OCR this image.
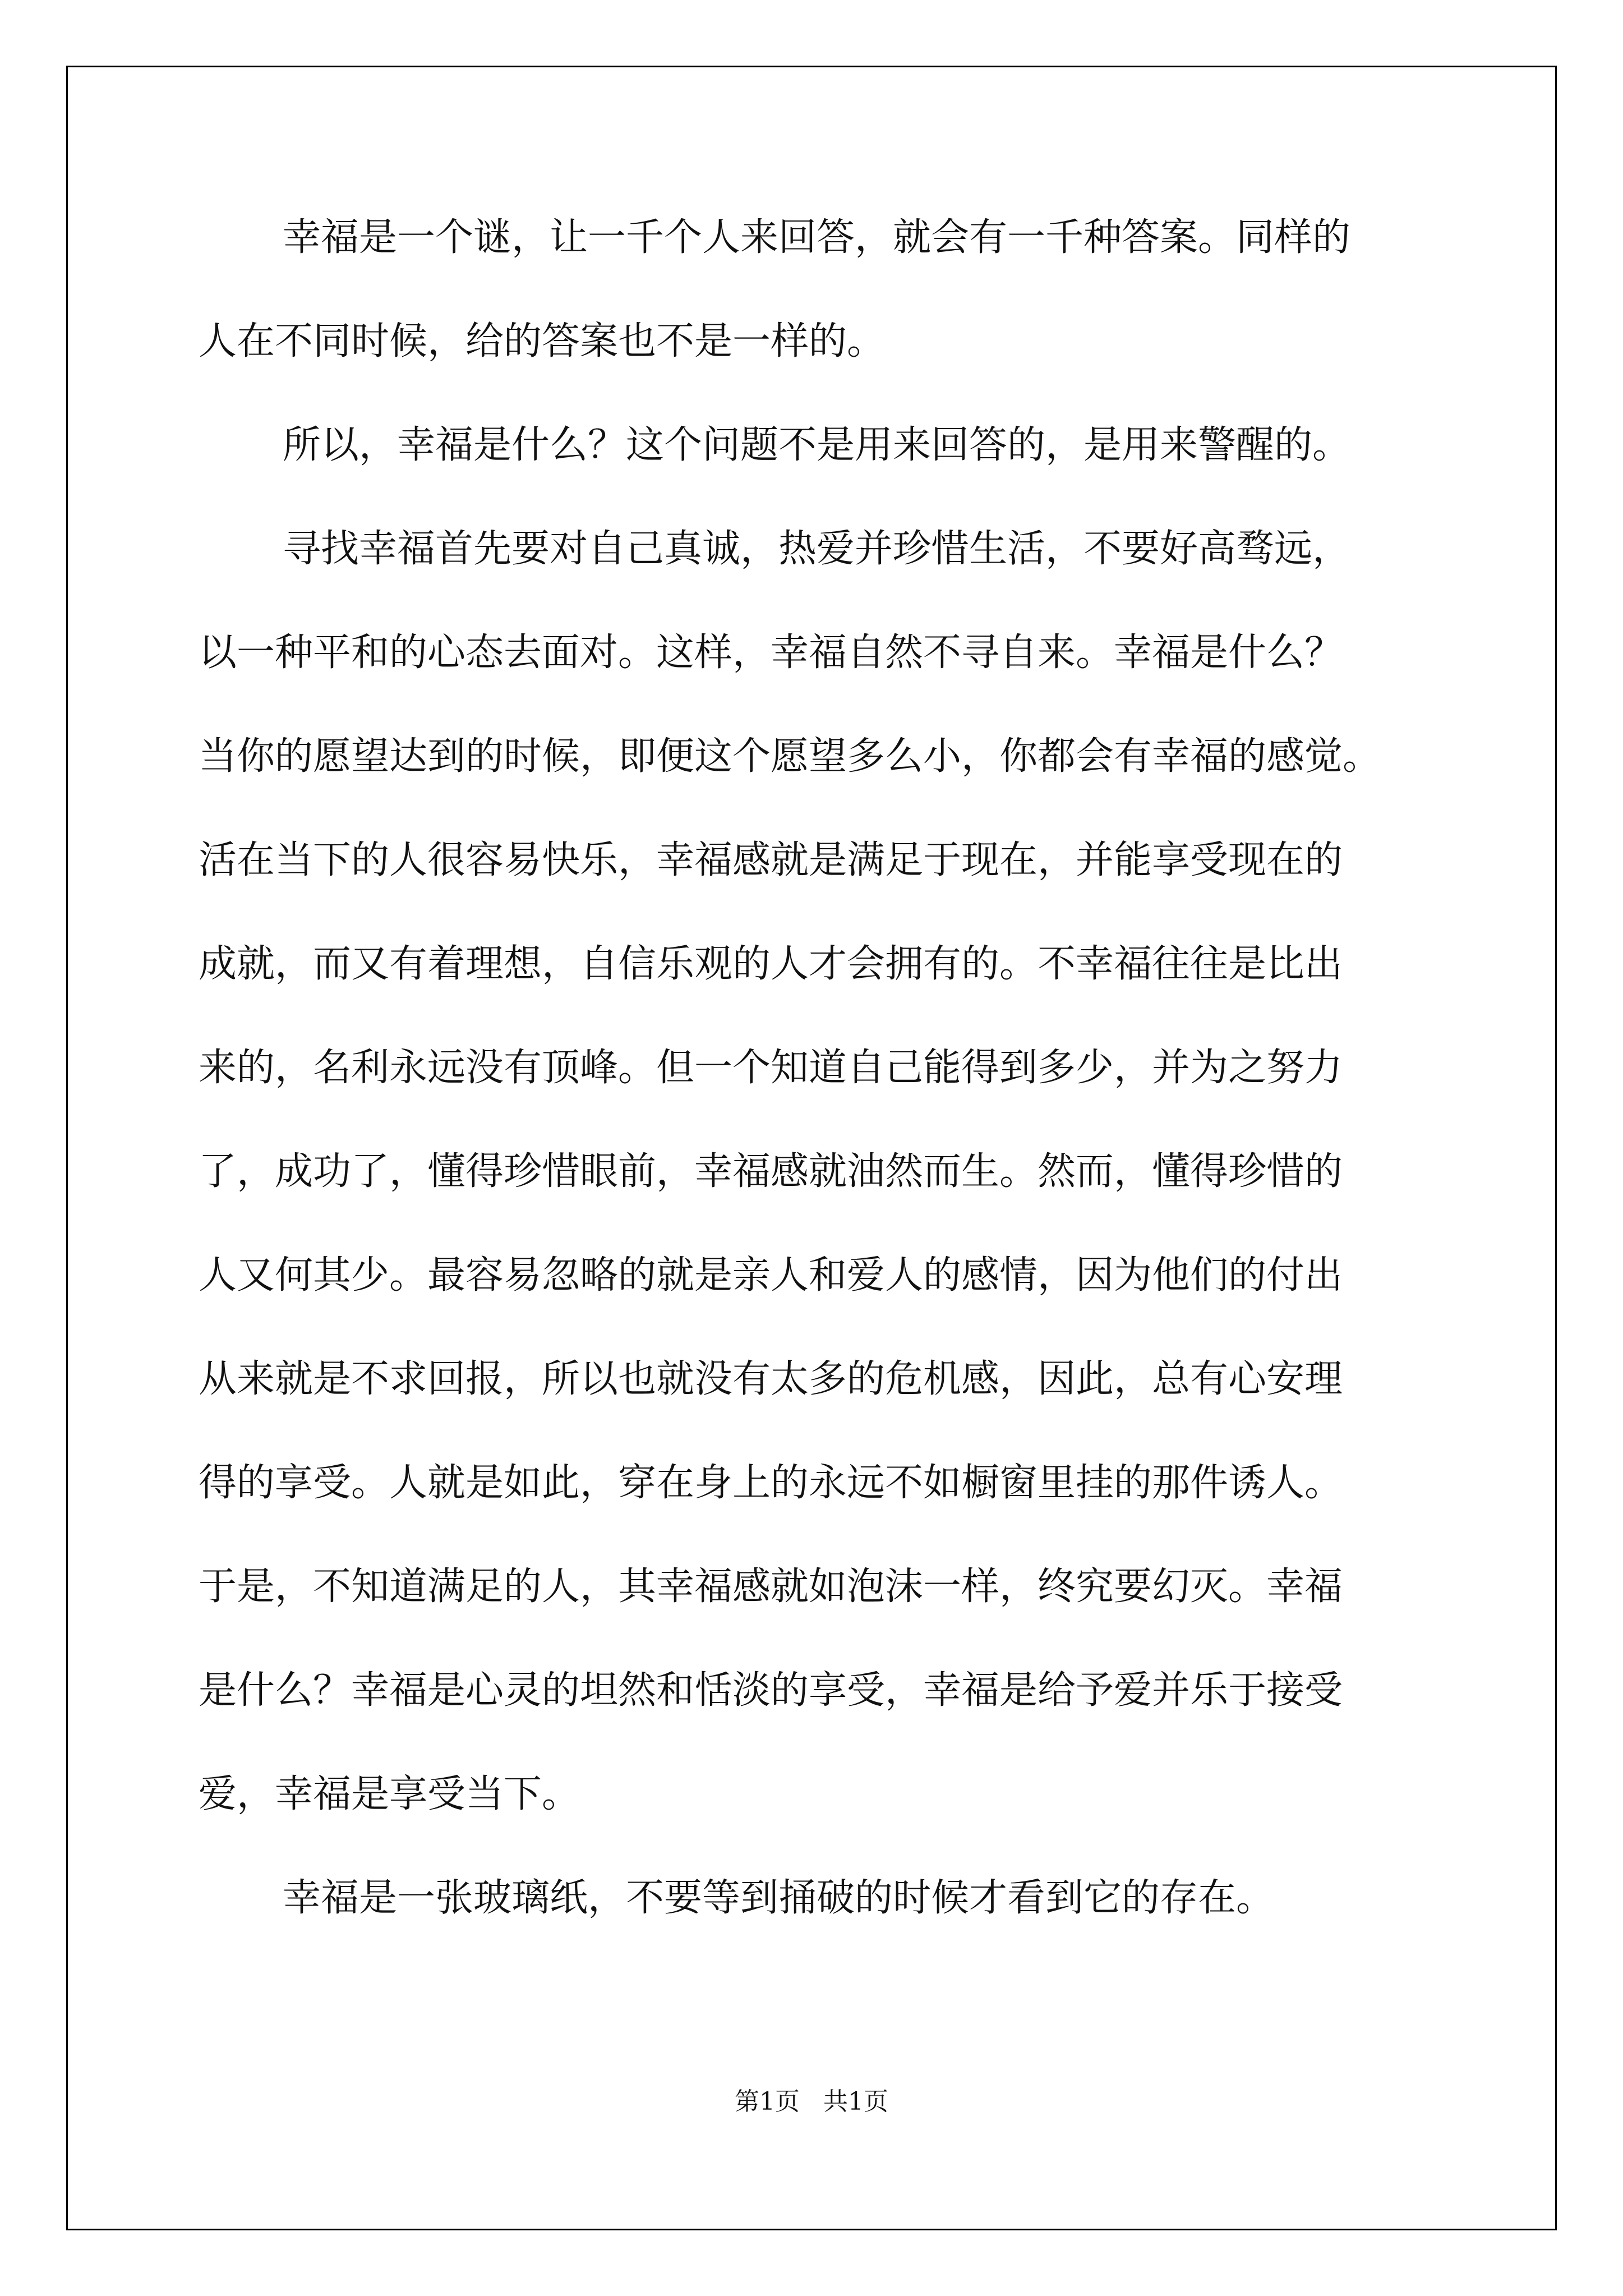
幸福是一个谜，让一千个人来回答，就会有一千种答案。同样的
人在不同时候，给的答案也不是一样的。
所以，幸福是什么？这个问题不是用来回答的，是用来警醒的。
寻找幸福首先要对自己真诚，热爱并珍惜生活，不要好高骛远，
以一种平和的心态去面对。这样，幸福自然不寻自来。幸福是什么？
当你的愿望达到的时候，即便这个愿望多么小，你都会有幸福的感觉。
活在当下的人很容易快乐，幸福感就是满足于现在，并能享受现在的
成就，而又有着理想，自信乐观的人才会拥有的。不幸福往往是比出
来的，名利永远没有顶峰。但一个知道自己能得到多少，并为之努力
了，成功了，懂得珍惜眼前，幸福感就油然而生。然而，懂得珍惜的
人又何其少。最容易忽略的就是亲人和爱人的感情，因为他们的付出
从来就是不求回报，所以也就没有太多的危机感，因此，总有心安理
得的享受。人就是如此，穿在身上的永远不如橱窗里挂的那件诱人。
于是，不知道满足的人，其幸福感就如泡沫一样，终究要幻灭。幸福
是什么？幸福是心灵的坦然和恬淡的享受，幸福是给予爱并乐于接受
爱，幸福是享受当下。
幸福是一张玻璃纸，不要等到捅破的时候才看到它的存在。
第1页 共1页
